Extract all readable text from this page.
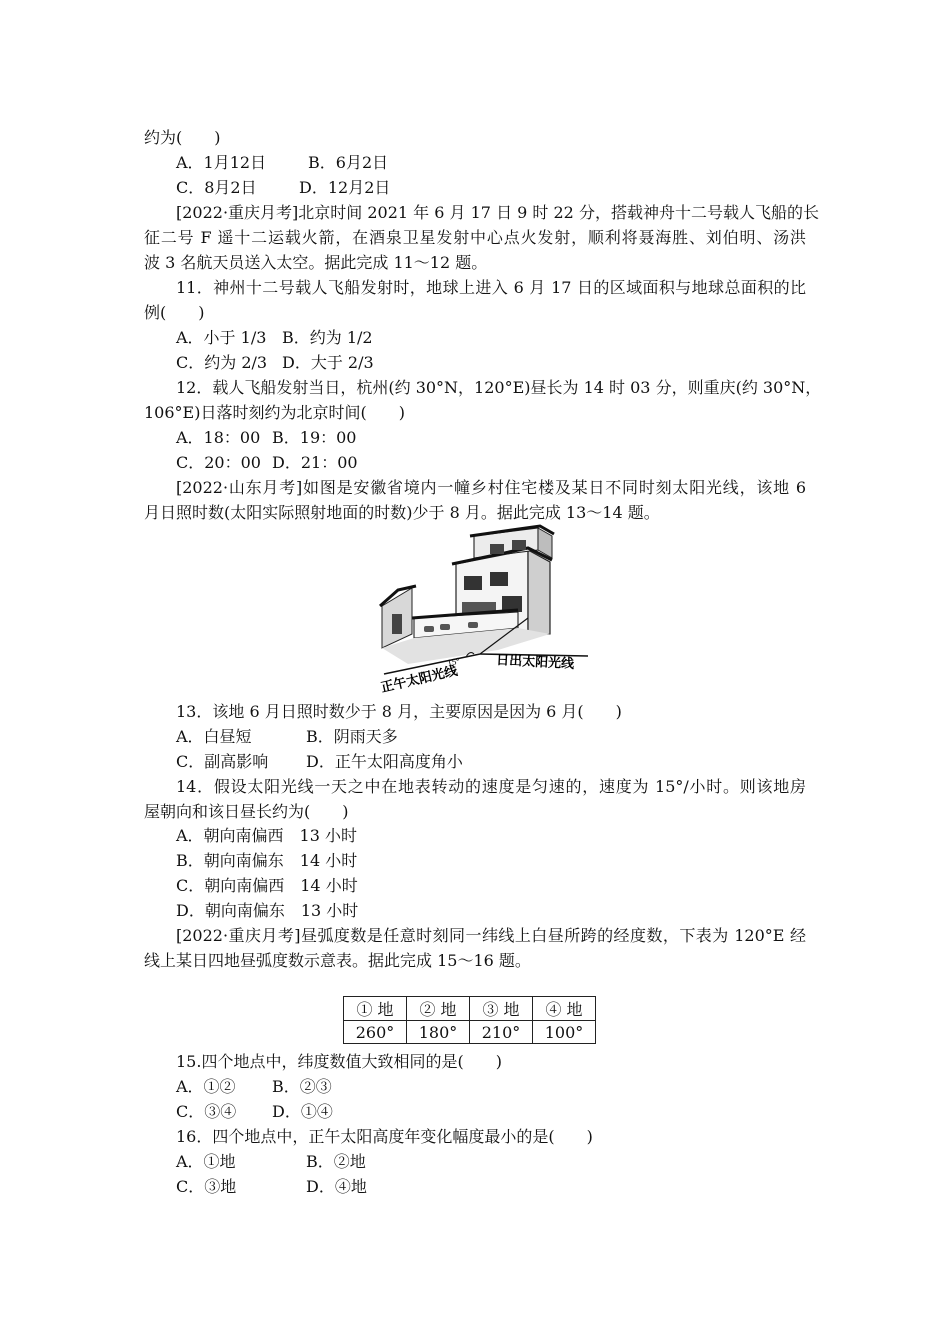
约为(　　)
A．1月12日	B．6月2日
C．8月2日	D．12月2日
[2022·重庆月考]北京时间 2021 年 6 月 17 日 9 时 22 分，搭载神舟十二号载人飞船的长
征二号 F 遥十二运载火箭，在酒泉卫星发射中心点火发射，顺利将聂海胜、刘伯明、汤洪
波 3 名航天员送入太空。据此完成 11～12 题。
11．神州十二号载人飞船发射时，地球上进入 6 月 17 日的区域面积与地球总面积的比
例(　　)
A．小于 1/3 B．约为 1/2
C．约为 2/3 D．大于 2/3
12．载人飞船发射当日，杭州(约 30°N，120°E)昼长为 14 时 03 分，则重庆(约 30°N，
106°E)日落时刻约为北京时间(　　)
A．18：00 B．19：00
C．20：00 D．21：00
[2022·山东月考]如图是安徽省境内一幢乡村住宅楼及某日不同时刻太阳光线，该地 6
月日照时数(太阳实际照射地面的时数)少于 8 月。据此完成 13～14 题。
15°
正午太阳光线
日出太阳光线
13．该地 6 月日照时数少于 8 月，主要原因是因为 6 月(　　)
A．白昼短	B．阴雨天多
C．副高影响 D．正午太阳高度角小
14．假设太阳光线一天之中在地表转动的速度是匀速的，速度为 15°/小时。则该地房
屋朝向和该日昼长约为(　　)
A．朝向南偏西　13 小时
B．朝向南偏东　14 小时
C．朝向南偏西　14 小时
D．朝向南偏东　13 小时
[2022·重庆月考]昼弧度数是任意时刻同一纬线上白昼所跨的经度数，下表为 120°E 经
线上某日四地昼弧度数示意表。据此完成 15～16 题。
① 地	② 地	③ 地	④ 地
260°	180°	210°	100°
15.四个地点中，纬度数值大致相同的是(　　)
A．①② B．②③
C．③④ D．①④
16．四个地点中，正午太阳高度年变化幅度最小的是(　　)
A．①地	B．②地
C．③地	D．④地
